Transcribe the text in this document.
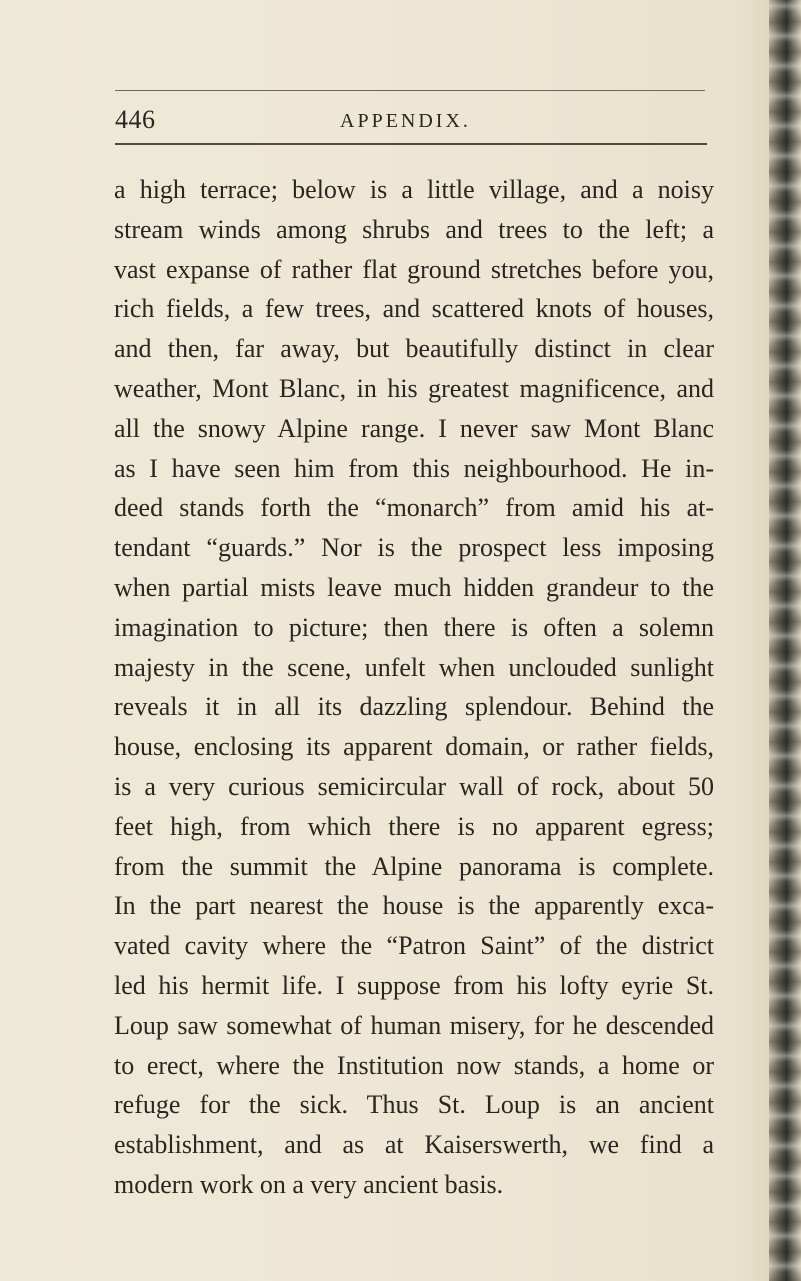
446	APPENDIX.
a high terrace; below is a little village, and a noisy
stream winds among shrubs and trees to the left; a
vast expanse of rather flat ground stretches before you,
rich fields, a few trees, and scattered knots of houses,
and then, far away, but beautifully distinct in clear
weather, Mont Blanc, in his greatest magnificence, and
all the snowy Alpine range. I never saw Mont Blanc
as I have seen him from this neighbourhood. He in-
deed stands forth the “monarch” from amid his at-
tendant “guards.” Nor is the prospect less imposing
when partial mists leave much hidden grandeur to the
imagination to picture; then there is often a solemn
majesty in the scene, unfelt when unclouded sunlight
reveals it in all its dazzling splendour. Behind the
house, enclosing its apparent domain, or rather fields,
is a very curious semicircular wall of rock, about 50
feet high, from which there is no apparent egress;
from the summit the Alpine panorama is complete.
In the part nearest the house is the apparently exca-
vated cavity where the “Patron Saint” of the district
led his hermit life. I suppose from his lofty eyrie St.
Loup saw somewhat of human misery, for he descended
to erect, where the Institution now stands, a home or
refuge for the sick. Thus St. Loup is an ancient
establishment, and as at Kaiserswerth, we find a
modern work on a very ancient basis.
